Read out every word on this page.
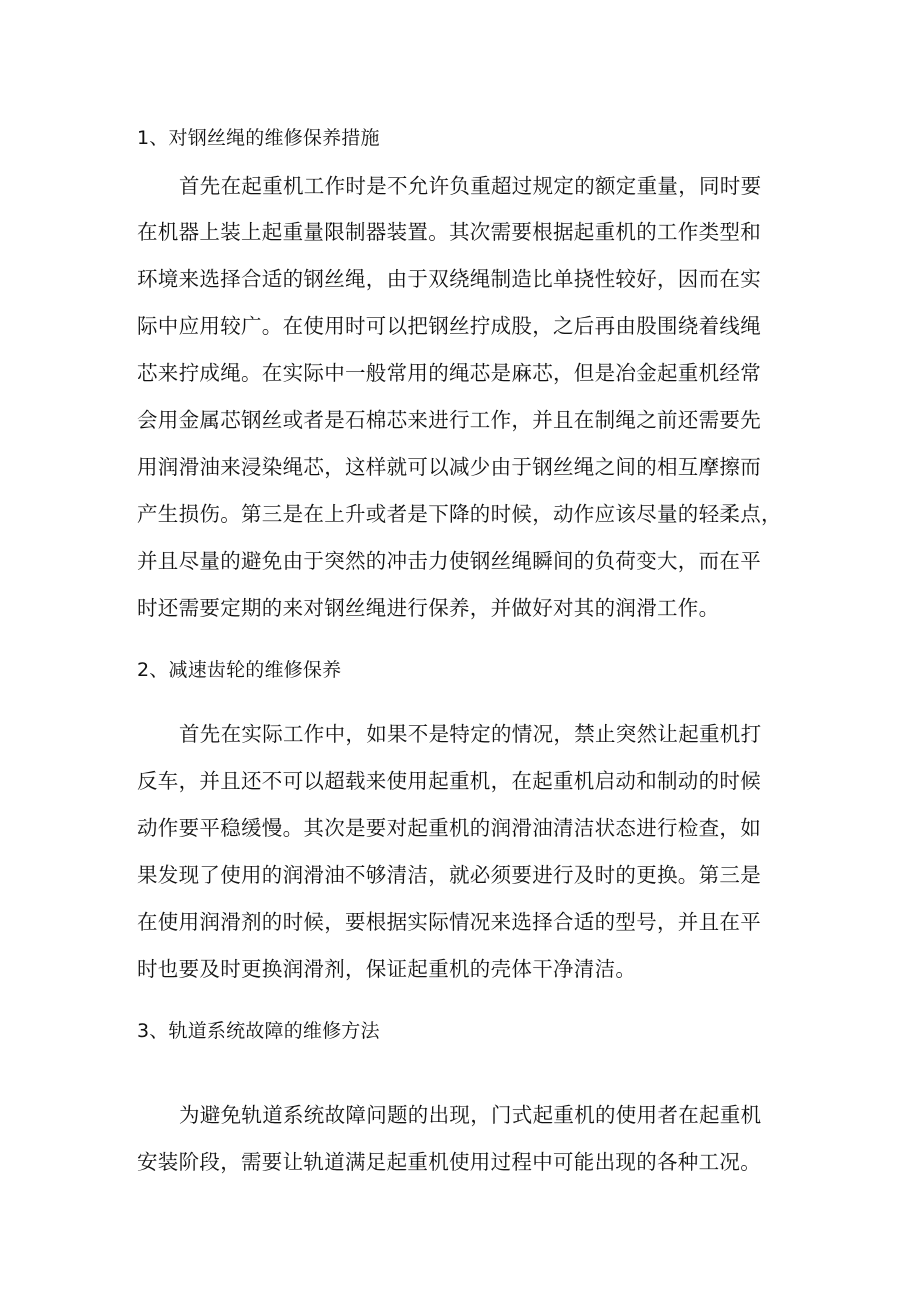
1、对钢丝绳的维修保养措施
首先在起重机工作时是不允许负重超过规定的额定重量，同时要
在机器上装上起重量限制器装置。其次需要根据起重机的工作类型和
环境来选择合适的钢丝绳，由于双绕绳制造比单挠性较好，因而在实
际中应用较广。在使用时可以把钢丝拧成股，之后再由股围绕着线绳
芯来拧成绳。在实际中一般常用的绳芯是麻芯，但是冶金起重机经常
会用金属芯钢丝或者是石棉芯来进行工作，并且在制绳之前还需要先
用润滑油来浸染绳芯，这样就可以减少由于钢丝绳之间的相互摩擦而
产生损伤。第三是在上升或者是下降的时候，动作应该尽量的轻柔点，
并且尽量的避免由于突然的冲击力使钢丝绳瞬间的负荷变大，而在平
时还需要定期的来对钢丝绳进行保养，并做好对其的润滑工作。
2、减速齿轮的维修保养
首先在实际工作中，如果不是特定的情况，禁止突然让起重机打
反车，并且还不可以超载来使用起重机，在起重机启动和制动的时候
动作要平稳缓慢。其次是要对起重机的润滑油清洁状态进行检查，如
果发现了使用的润滑油不够清洁，就必须要进行及时的更换。第三是
在使用润滑剂的时候，要根据实际情况来选择合适的型号，并且在平
时也要及时更换润滑剂，保证起重机的壳体干净清洁。
3、轨道系统故障的维修方法
为避免轨道系统故障问题的出现，门式起重机的使用者在起重机
安装阶段，需要让轨道满足起重机使用过程中可能出现的各种工况。
